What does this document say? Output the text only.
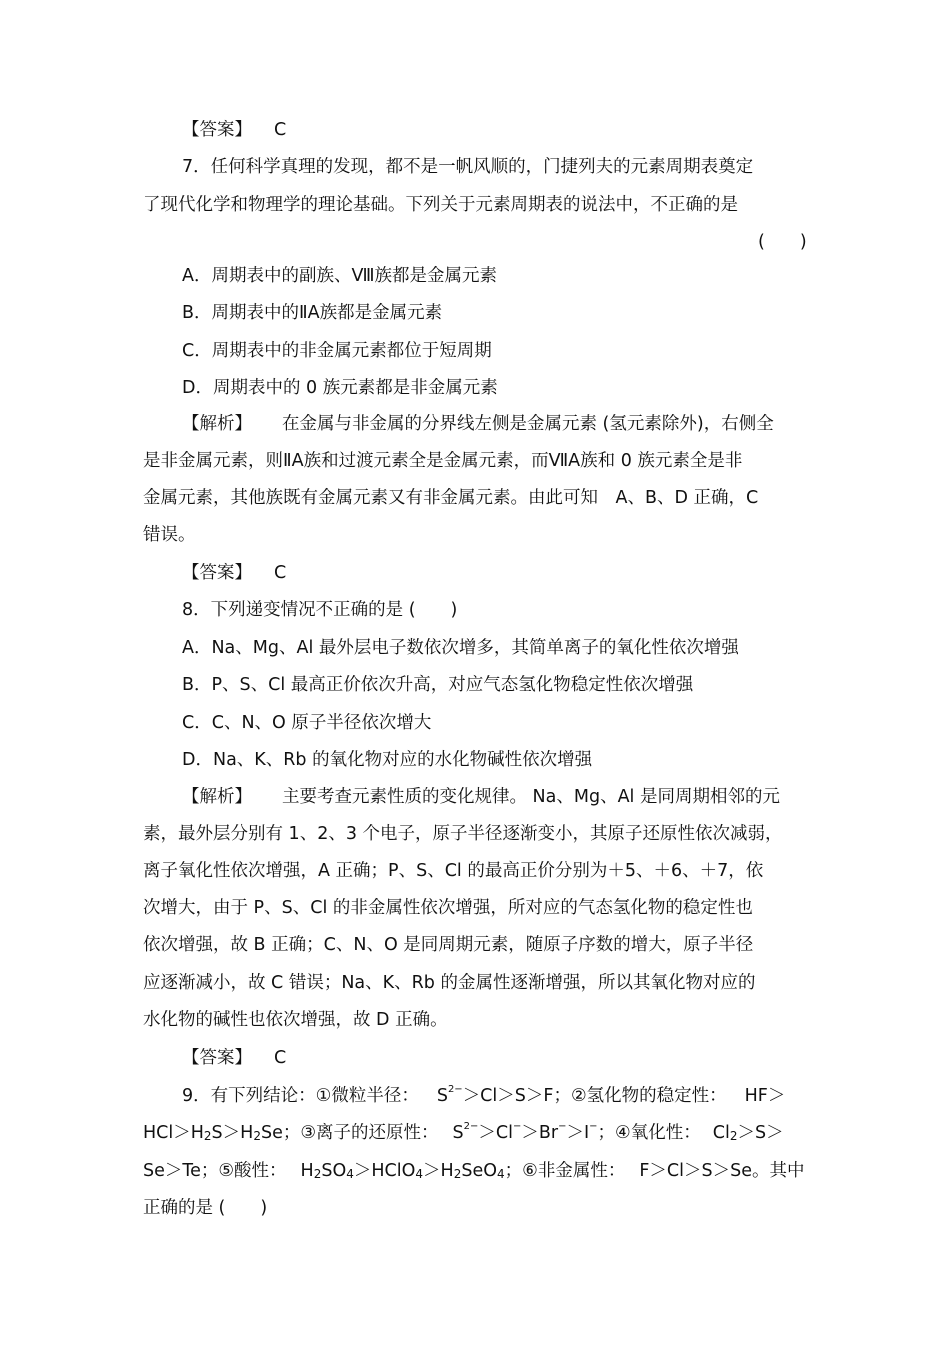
【答案】 C
7．任何科学真理的发现，都不是一帆风顺的，门捷列夫的元素周期表奠定
了现代化学和物理学的理论基础。下列关于元素周期表的说法中，不正确的是
(　　)
A．周期表中的副族、Ⅷ族都是金属元素
B．周期表中的ⅡA族都是金属元素
C．周期表中的非金属元素都位于短周期
D．周期表中的 0 族元素都是非金属元素
【解析】 在金属与非金属的分界线左侧是金属元素 (氢元素除外)，右侧全
是非金属元素，则ⅡA族和过渡元素全是金属元素，而ⅦA族和 0 族元素全是非
金属元素，其他族既有金属元素又有非金属元素。由此可知　A、B、D 正确，C
错误。
【答案】 C
8．下列递变情况不正确的是 (　　)
A．Na、Mg、Al 最外层电子数依次增多，其简单离子的氧化性依次增强
B．P、S、Cl 最高正价依次升高，对应气态氢化物稳定性依次增强
C．C、N、O 原子半径依次增大
D．Na、K、Rb 的氧化物对应的水化物碱性依次增强
【解析】 主要考查元素性质的变化规律。 Na、Mg、Al 是同周期相邻的元
素，最外层分别有 1、2、3 个电子，原子半径逐渐变小，其原子还原性依次减弱，
离子氧化性依次增强，A 正确；P、S、Cl 的最高正价分别为＋5、＋6、＋7，依
次增大，由于 P、S、Cl 的非金属性依次增强，所对应的气态氢化物的稳定性也
依次增强，故 B 正确；C、N、O 是同周期元素，随原子序数的增大，原子半径
应逐渐减小，故 C 错误；Na、K、Rb 的金属性逐渐增强，所以其氧化物对应的
水化物的碱性也依次增强，故 D 正确。
【答案】 C
9．有下列结论：①微粒半径： $S^{2-}>Cl>S>F$；②氢化物的稳定性： HF＞
$HCl>H_2S>H_2Se$；③离子的还原性： $S^{2-}>Cl^->Br^->I^-$；④氧化性： $Cl_2>S>$
Se＞Te；⑤酸性： $H_2SO_4>HClO_4>H_2SeO_4$；⑥非金属性： F＞Cl＞S＞Se。其中
正确的是 (　　)
